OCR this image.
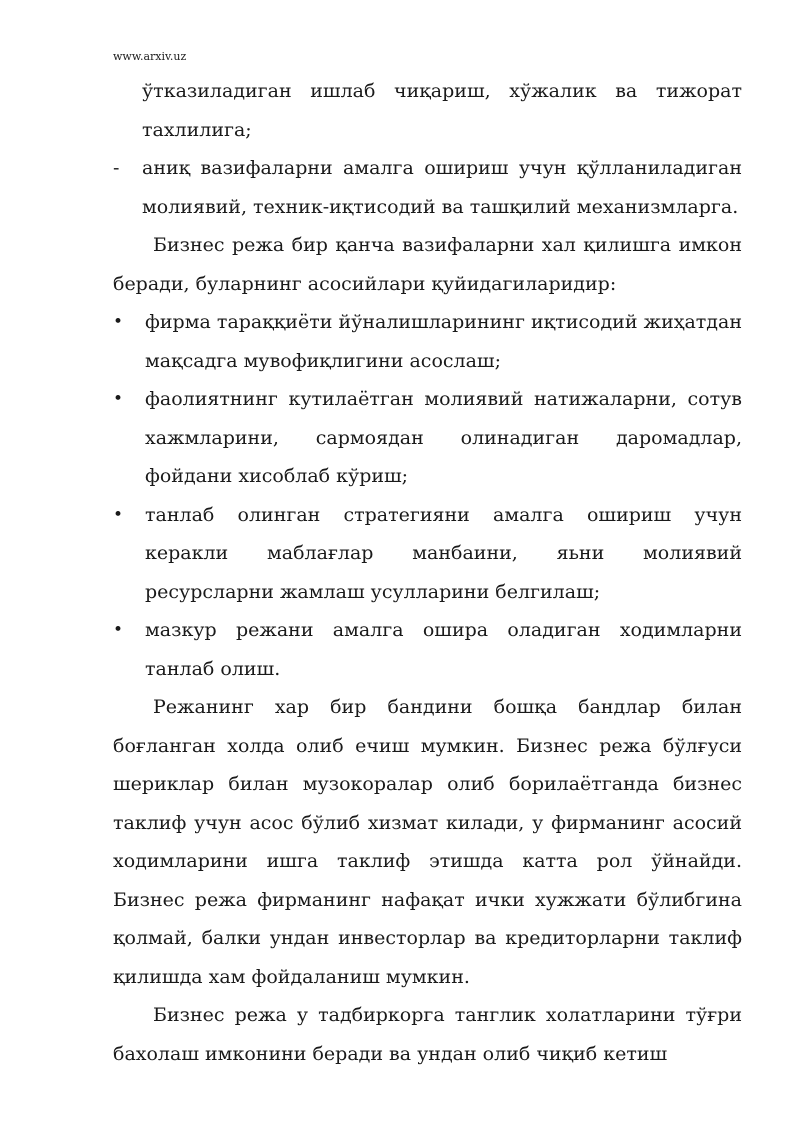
www.arxiv.uz

ўтказиладиган ишлаб чиқариш, хўжалик ва тижорат тахлилига;

- аниқ вазифаларни амалга ошириш учун қўлланиладиган молиявий, техник-иқтисодий ва ташқилий механизмларга.

Бизнес режа бир қанча вазифаларни хал қилишга имкон беради, буларнинг асосийлари қуйидагиларидир:

• фирма тараққиёти йўналишларининг иқтисодий жиҳатдан мақсадга мувофиқлигини асослаш;
• фаолиятнинг кутилаётган молиявий натижаларни, сотув хажмларини, сармоядан олинадиган даромадлар, фойдани хисоблаб кўриш;
• танлаб олинган стратегияни амалга ошириш учун керакли маблағлар манбаини, яьни молиявий ресурсларни жамлаш усулларини белгилаш;
• мазкур режани амалга ошира оладиган ходимларни танлаб олиш.

Режанинг хар бир бандини бошқа бандлар билан боғланган холда олиб ечиш мумкин. Бизнес режа бўлғуси шериклар билан музокоралар олиб борилаётганда бизнес таклиф учун асос бўлиб хизмат килади, у фирманинг асосий ходимларини ишга таклиф этишда катта рол ўйнайди. Бизнес режа фирманинг нафақат ички хужжати бўлибгина қолмай, балки ундан инвесторлар ва кредиторларни таклиф қилишда хам фойдаланиш мумкин.

Бизнес режа у тадбиркорга танглик холатларини тўғри бахолаш имконини беради ва ундан олиб чиқиб кетиш
